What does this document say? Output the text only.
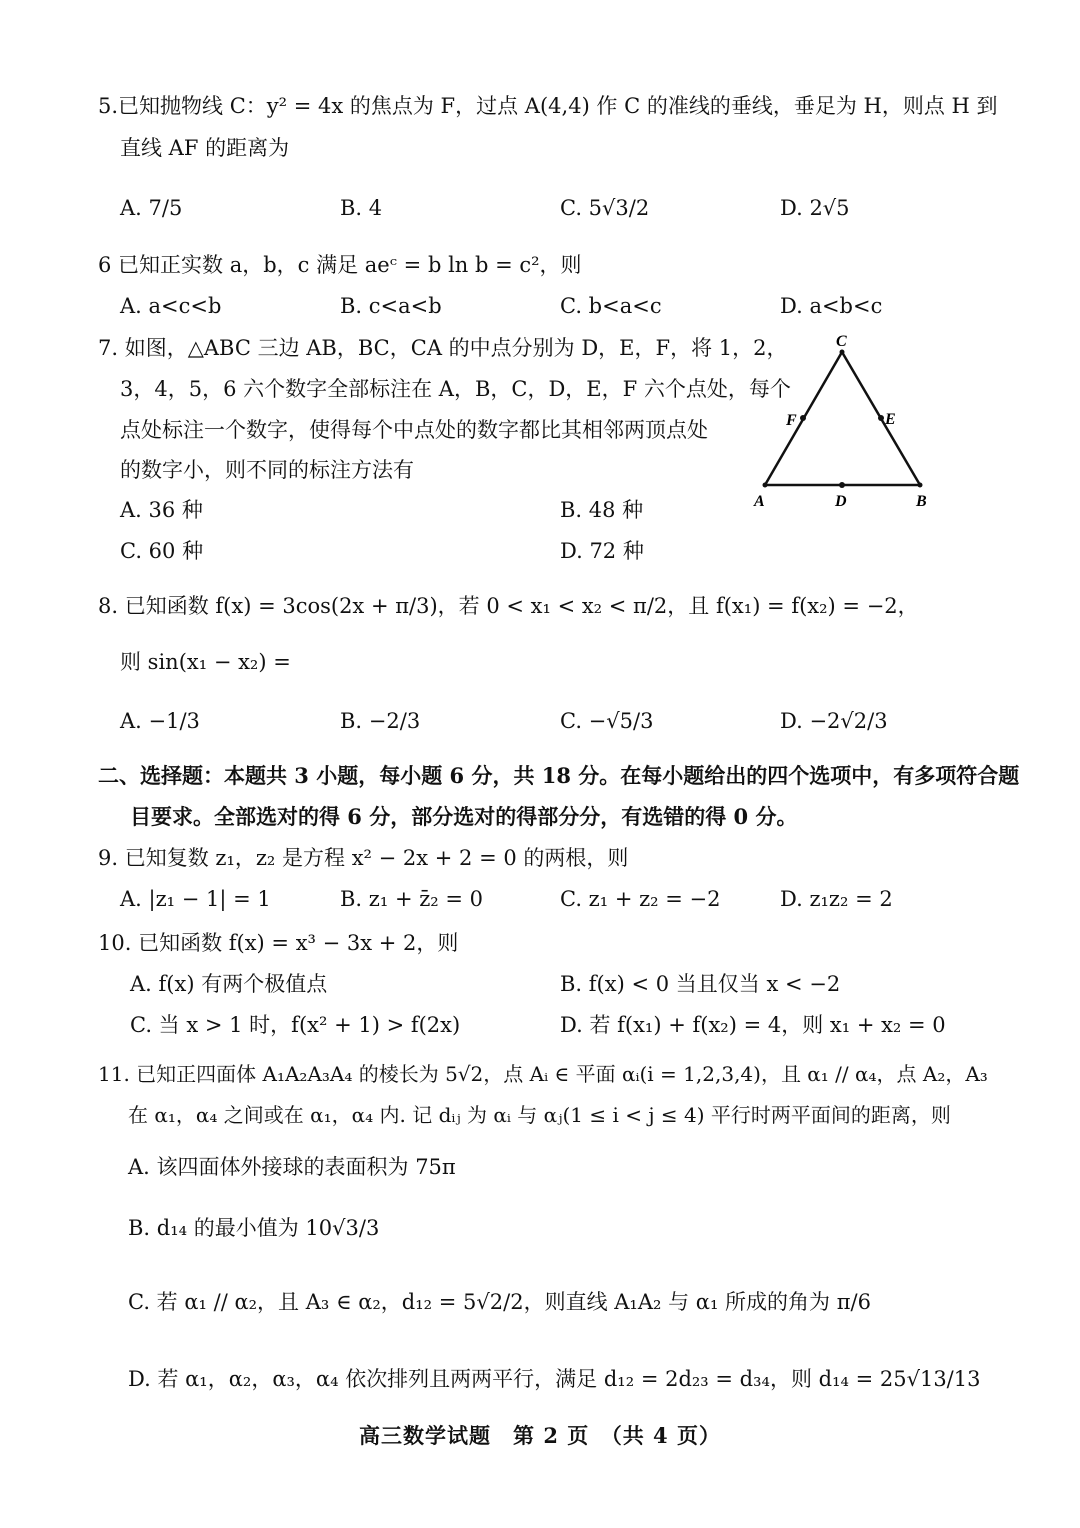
5.已知抛物线 C：y² = 4x 的焦点为 F，过点 A(4,4) 作 C 的准线的垂线，垂足为 H，则点 H 到
直线 AF 的距离为
A. 7/5	B. 4	C. 5√3/2	D. 2√5
6 已知正实数 a，b，c 满足 aeᶜ = b ln b = c²，则
A. a<c<b	B. c<a<b	C. b<a<c	D. a<b<c
7. 如图，△ABC 三边 AB，BC，CA 的中点分别为 D，E，F，将 1，2，
3，4，5，6 六个数字全部标注在 A，B，C，D，E，F 六个点处，每个
点处标注一个数字，使得每个中点处的数字都比其相邻两顶点处
的数字小，则不同的标注方法有
A. 36 种	B. 48 种
C. 60 种	D. 72 种
A	B
C
D
E
F
8. 已知函数 f(x) = 3cos(2x + π/3)，若 0 < x₁ < x₂ < π/2，且 f(x₁) = f(x₂) = −2，
则 sin(x₁ − x₂) =
A. −1/3	B. −2/3	C. −√5/3	D. −2√2/3
二、选择题：本题共 3 小题，每小题 6 分，共 18 分。在每小题给出的四个选项中，有多项符合题
目要求。全部选对的得 6 分，部分选对的得部分分，有选错的得 0 分。
9. 已知复数 z₁，z₂ 是方程 x² − 2x + 2 = 0 的两根，则
A. |z₁ − 1| = 1	B. z₁ + z̄₂ = 0	C. z₁ + z₂ = −2	D. z₁z₂ = 2
10. 已知函数 f(x) = x³ − 3x + 2，则
A. f(x) 有两个极值点	B. f(x) < 0 当且仅当 x < −2
C. 当 x > 1 时，f(x² + 1) > f(2x)	D. 若 f(x₁) + f(x₂) = 4，则 x₁ + x₂ = 0
11. 已知正四面体 A₁A₂A₃A₄ 的棱长为 5√2，点 Aᵢ ∈ 平面 αᵢ(i = 1,2,3,4)，且 α₁ // α₄，点 A₂，A₃
在 α₁，α₄ 之间或在 α₁，α₄ 内. 记 dᵢⱼ 为 αᵢ 与 αⱼ(1 ≤ i < j ≤ 4) 平行时两平面间的距离，则
A. 该四面体外接球的表面积为 75π
B. d₁₄ 的最小值为 10√3/3
C. 若 α₁ // α₂，且 A₃ ∈ α₂，d₁₂ = 5√2/2，则直线 A₁A₂ 与 α₁ 所成的角为 π/6
D. 若 α₁，α₂，α₃，α₄ 依次排列且两两平行，满足 d₁₂ = 2d₂₃ = d₃₄，则 d₁₄ = 25√13/13
高三数学试题　第 2 页　（共 4 页）
